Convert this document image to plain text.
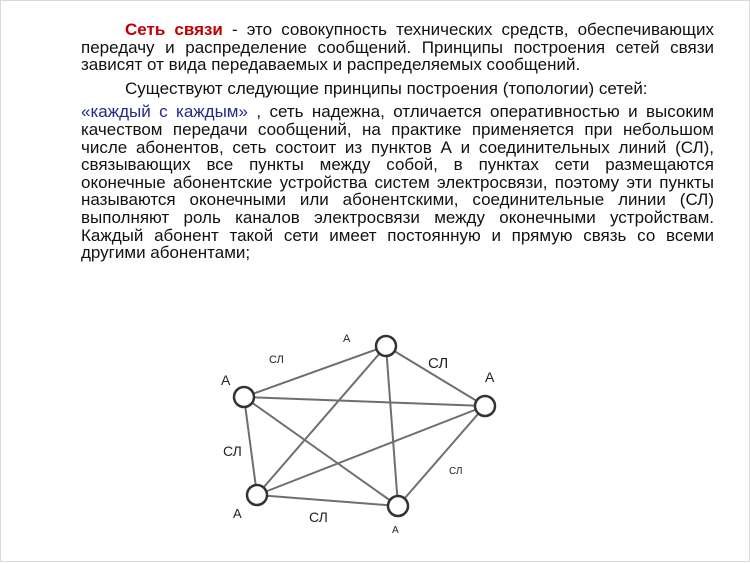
Сеть связи - это совокупность технических средств, обеспечивающих передачу и распределение сообщений. Принципы построения сетей связи зависят от вида передаваемых и распределяемых сообщений.

Существуют следующие принципы построения (топологии) сетей:

«каждый с каждым» , сеть надежна, отличается оперативностью и высоким качеством передачи сообщений, на практике применяется при небольшом числе абонентов, сеть состоит из пунктов А и соединительных линий (СЛ), связывающих все пункты между собой, в пунктах сети размещаются оконечные абонентские устройства систем электросвязи, поэтому эти пункты называются оконечными или абонентскими, соединительные линии (СЛ) выполняют роль каналов электросвязи между оконечными устройствам. Каждый абонент такой сети имеет постоянную и прямую связь со всеми другими абонентами;

А
А	А
А
А
СЛ	СЛ
СЛ
СЛ
СЛ
